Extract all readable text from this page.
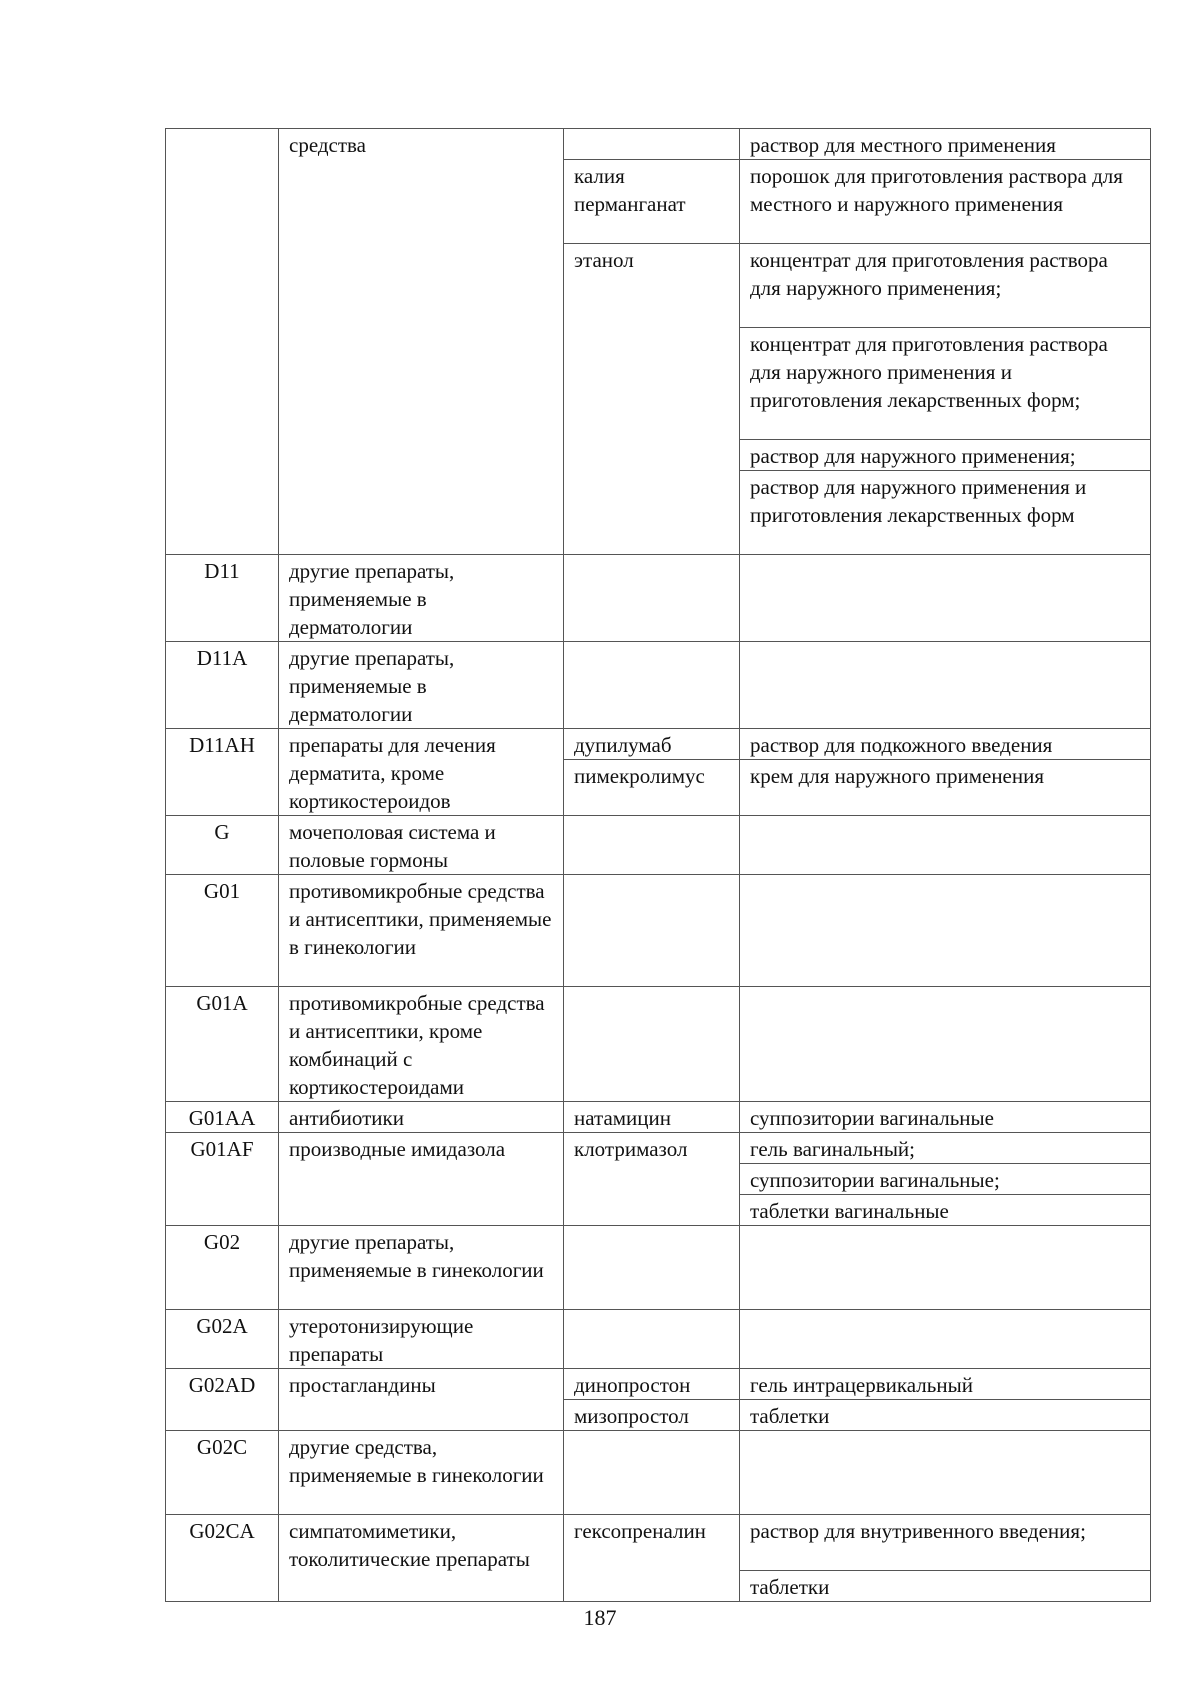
	средства		раствор для местного применения
		калия перманганат	порошок для приготовления раствора для местного и наружного применения
		этанол	концентрат для приготовления раствора для наружного применения;
			концентрат для приготовления раствора для наружного применения и приготовления лекарственных форм;
			раствор для наружного применения;
			раствор для наружного применения и приготовления лекарственных форм
D11	другие препараты, применяемые в дерматологии		
D11A	другие препараты, применяемые в дерматологии		
D11AH	препараты для лечения дерматита, кроме кортикостероидов	дупилумаб	раствор для подкожного введения
		пимекролимус	крем для наружного применения
G	мочеполовая система и половые гормоны		
G01	противомикробные средства и антисептики, применяемые в гинекологии		
G01A	противомикробные средства и антисептики, кроме комбинаций с кортикостероидами		
G01AA	антибиотики	натамицин	суппозитории вагинальные
G01AF	производные имидазола	клотримазол	гель вагинальный;
			суппозитории вагинальные;
			таблетки вагинальные
G02	другие препараты, применяемые в гинекологии		
G02A	утеротонизирующие препараты		
G02AD	простагландины	динопростон	гель интрацервикальный
		мизопростол	таблетки
G02C	другие средства, применяемые в гинекологии		
G02CA	симпатомиметики, токолитические препараты	гексопреналин	раствор для внутривенного введения;
			таблетки
187
